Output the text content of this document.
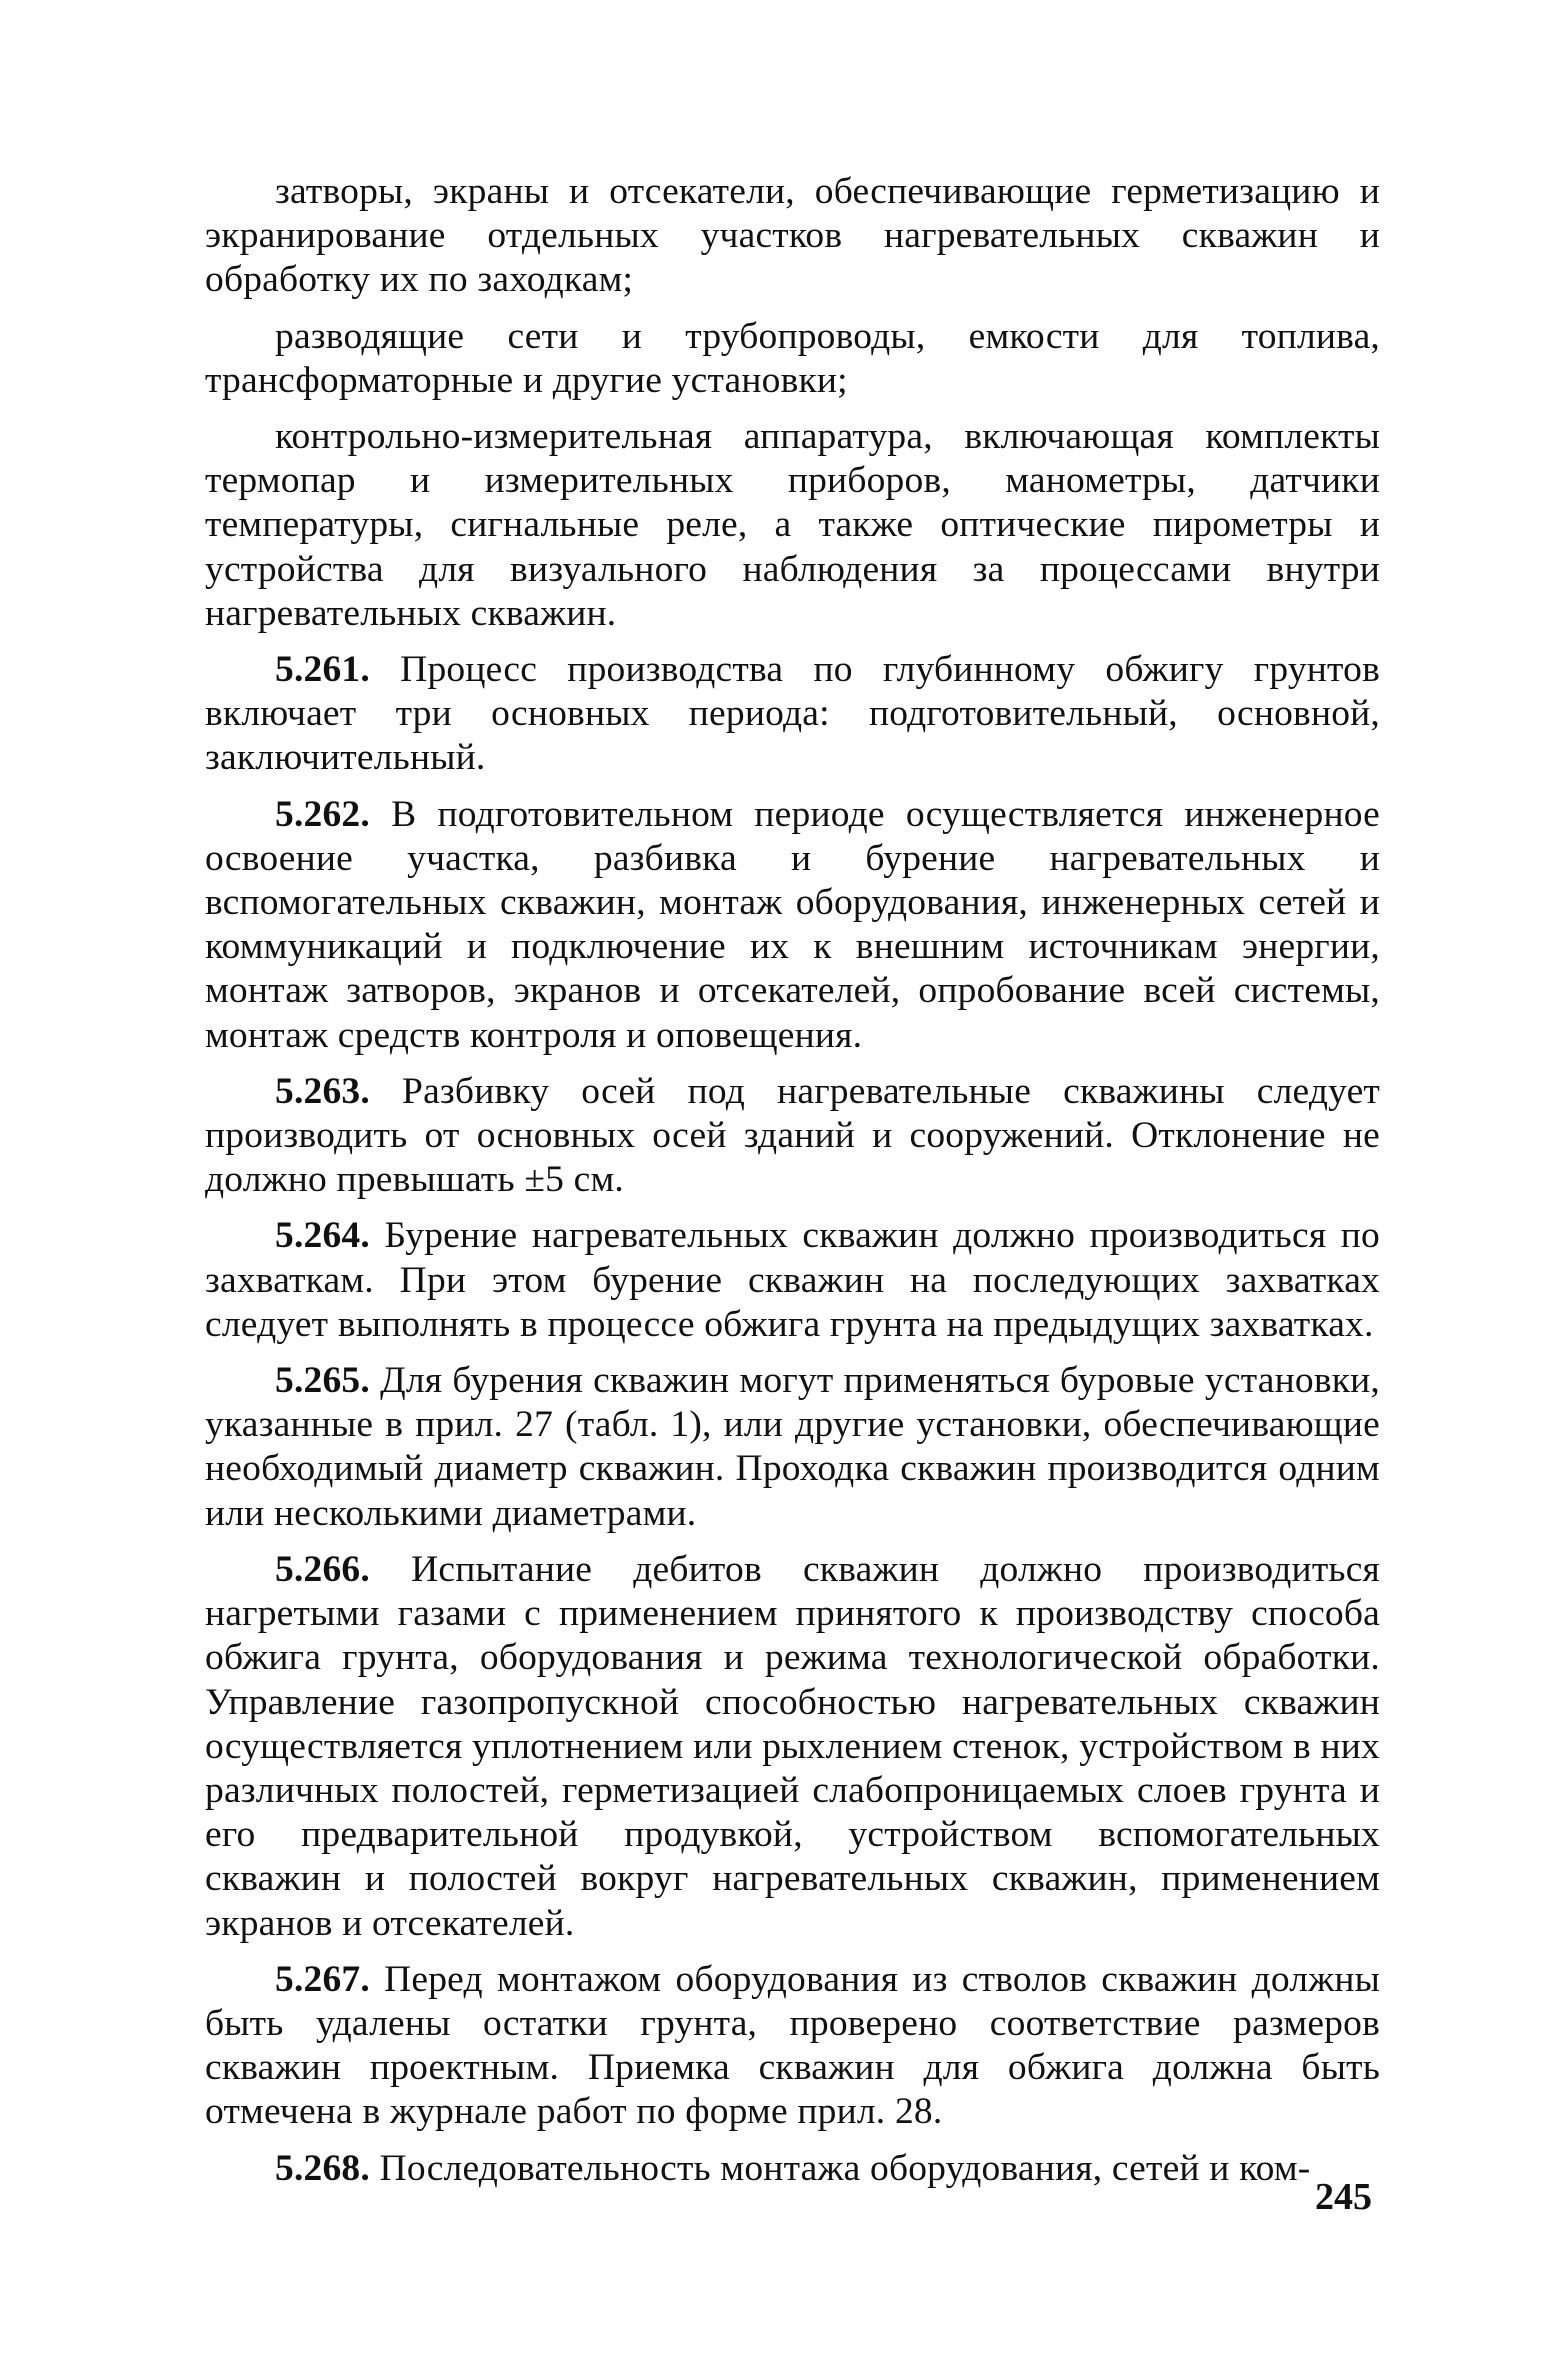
затворы, экраны и отсекатели, обеспечивающие герметизацию и экранирование отдельных участков нагревательных скважин и обработку их по заходкам;

разводящие сети и трубопроводы, емкости для топлива, трансформаторные и другие установки;

контрольно-измерительная аппаратура, включающая комплекты термопар и измерительных приборов, манометры, датчики температуры, сигнальные реле, а также оптические пирометры и устройства для визуального наблюдения за процессами внутри нагревательных скважин.

5.261. Процесс производства по глубинному обжигу грунтов включает три основных периода: подготовительный, основной, заключительный.

5.262. В подготовительном периоде осуществляется инженерное освоение участка, разбивка и бурение нагревательных и вспомогательных скважин, монтаж оборудования, инженерных сетей и коммуникаций и подключение их к внешним источникам энергии, монтаж затворов, экранов и отсекателей, опробование всей системы, монтаж средств контроля и оповещения.

5.263. Разбивку осей под нагревательные скважины следует производить от основных осей зданий и сооружений. Отклонение не должно превышать ±5 см.

5.264. Бурение нагревательных скважин должно производиться по захваткам. При этом бурение скважин на последующих захватках следует выполнять в процессе обжига грунта на предыдущих захватках.

5.265. Для бурения скважин могут применяться буровые установки, указанные в прил. 27 (табл. 1), или другие установки, обеспечивающие необходимый диаметр скважин. Проходка скважин производится одним или несколькими диаметрами.

5.266. Испытание дебитов скважин должно производиться нагретыми газами с применением принятого к производству способа обжига грунта, оборудования и режима технологической обработки. Управление газопропускной способностью нагревательных скважин осуществляется уплотнением или рыхлением стенок, устройством в них различных полостей, герметизацией слабопроницаемых слоев грунта и его предварительной продувкой, устройством вспомогательных скважин и полостей вокруг нагревательных скважин, применением экранов и отсекателей.

5.267. Перед монтажом оборудования из стволов скважин должны быть удалены остатки грунта, проверено соответствие размеров скважин проектным. Приемка скважин для обжига должна быть отмечена в журнале работ по форме прил. 28.

5.268. Последовательность монтажа оборудования, сетей и ком-

245
